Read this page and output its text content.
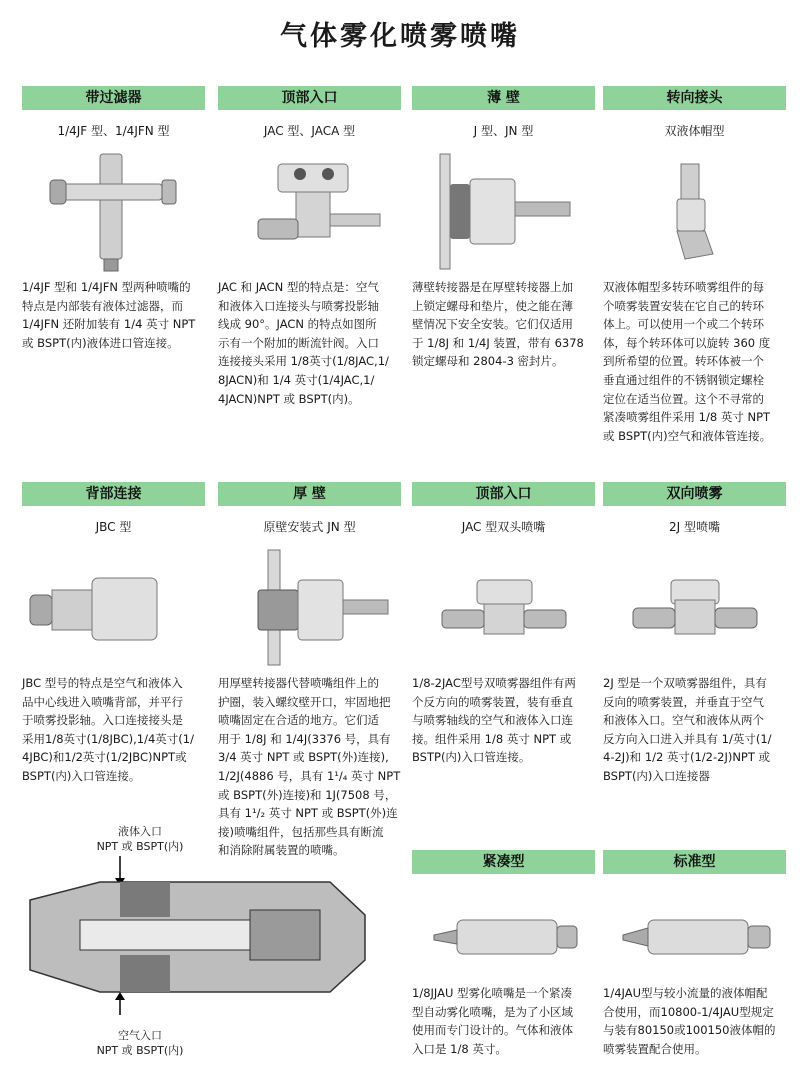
气体雾化喷雾喷嘴
带过滤器
1/4JF 型、1/4JFN 型
1/4JF 型和 1/4JFN 型两种喷嘴的
特点是内部装有液体过滤器，而
1/4JFN 还附加装有 1/4 英寸 NPT
或 BSPT(内)液体进口管连接。
顶部入口
JAC 型、JACA 型
JAC 和 JACN 型的特点是：空气
和液体入口连接头与喷雾投影轴
线成 90°。JACN 的特点如图所
示有一个附加的断流针阀。入口
连接接头采用 1/8英寸(1/8JAC,1/
8JACN)和 1/4 英寸(1/4JAC,1/
4JACN)NPT 或 BSPT(内)。
薄 壁
J 型、JN 型
薄壁转接器是在厚壁转接器上加
上锁定螺母和垫片，使之能在薄
壁情况下安全安装。它们仅适用
于 1/8J 和 1/4J 装置，带有 6378
锁定螺母和 2804-3 密封片。
转向接头
双液体帽型
双液体帽型多转环喷雾组件的每
个喷雾装置安装在它自己的转环
体上。可以使用一个或二个转环
体，每个转环体可以旋转 360 度
到所希望的位置。转环体被一个
垂直通过组件的不锈钢锁定螺栓
定位在适当位置。这个不寻常的
紧凑喷雾组件采用 1/8 英寸 NPT
或 BSPT(内)空气和液体管连接。
背部连接
JBC 型
JBC 型号的特点是空气和液体入
品中心线进入喷嘴背部，并平行
于喷雾投影轴。入口连接接头是
采用1/8英寸(1/8JBC),1/4英寸(1/
4JBC)和1/2英寸(1/2JBC)NPT或
BSPT(内)入口管连接。
厚 壁
原壁安装式 JN 型
用厚壁转接器代替喷嘴组件上的
护圈，装入螺纹壁开口，牢固地把
喷嘴固定在合适的地方。它们适
用于 1/8J 和 1/4J(3376 号，具有
3/4 英寸 NPT 或 BSPT(外)连接),
1/2J(4886 号，具有 1¹/₄ 英寸 NPT
或 BSPT(外)连接)和 1J(7508 号，
具有 1¹/₂ 英寸 NPT 或 BSPT(外)连
接)喷嘴组件，包括那些具有断流
和消除附属装置的喷嘴。
顶部入口
JAC 型双头喷嘴
1/8-2JAC型号双喷雾器组件有两
个反方向的喷雾装置，装有垂直
与喷雾轴线的空气和液体入口连
接。组件采用 1/8 英寸 NPT 或
BSTP(内)入口管连接。
双向喷雾
2J 型喷嘴
2J 型是一个双喷雾器组件，具有
反向的喷雾装置，并垂直于空气
和液体入口。空气和液体从两个
反方向入口进入并具有 1/英寸(1/
4-2J)和 1/2 英寸(1/2-2J)NPT 或
BSPT(内)入口连接器
紧凑型
1/8JJAU 型雾化喷嘴是一个紧凑
型自动雾化喷嘴，是为了小区域
使用而专门设计的。气体和液体
入口是 1/8 英寸。
标准型
1/4JAU型与较小流量的液体帽配
合使用，而10800-1/4JAU型规定
与装有80150或100150液体帽的
喷雾装置配合使用。
液体入口
NPT 或 BSPT(内)
空气入口
NPT 或 BSPT(内)
